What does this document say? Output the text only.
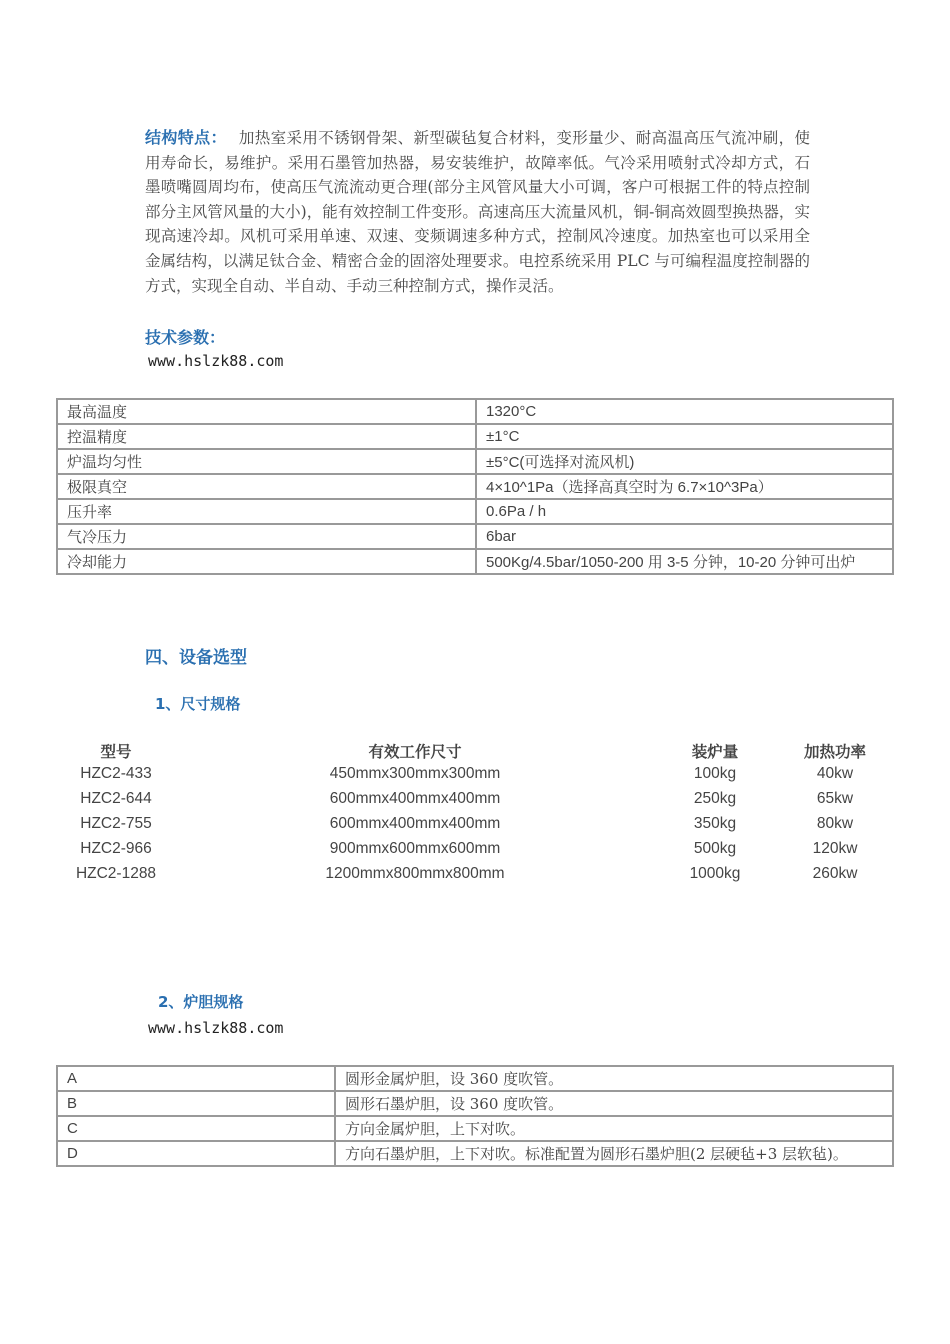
结构特点： 加热室采用不锈钢骨架、新型碳毡复合材料，变形量少、耐高温高压气流冲刷，使用寿命长，易维护。采用石墨管加热器，易安装维护，故障率低。气冷采用喷射式冷却方式，石墨喷嘴圆周均布，使高压气流流动更合理(部分主风管风量大小可调，客户可根据工件的特点控制部分主风管风量的大小)，能有效控制工件变形。高速高压大流量风机，铜-铜高效圆型换热器，实现高速冷却。风机可采用单速、双速、变频调速多种方式，控制风冷速度。加热室也可以采用全金属结构，以满足钛合金、精密合金的固溶处理要求。电控系统采用 PLC 与可编程温度控制器的方式，实现全自动、半自动、手动三种控制方式，操作灵活。
技术参数：
www.hslzk88.com
最高温度	1320°C
控温精度	±1°C
炉温均匀性	±5°C(可选择对流风机)
极限真空	4×10^1Pa（选择高真空时为 6.7×10^3Pa）
压升率	0.6Pa / h
气冷压力	6bar
冷却能力	500Kg/4.5bar/1050-200 用 3-5 分钟，10-20 分钟可出炉
四、设备选型
1、尺寸规格
型号	有效工作尺寸	装炉量	加热功率
HZC2-433	450mmx300mmx300mm	100kg	40kw
HZC2-644	600mmx400mmx400mm	250kg	65kw
HZC2-755	600mmx400mmx400mm	350kg	80kw
HZC2-966	900mmx600mmx600mm	500kg	120kw
HZC2-1288	1200mmx800mmx800mm	1000kg	260kw
2、炉胆规格
www.hslzk88.com
A	圆形金属炉胆，设 360 度吹管。
B	圆形石墨炉胆，设 360 度吹管。
C	方向金属炉胆，上下对吹。
D	方向石墨炉胆，上下对吹。标准配置为圆形石墨炉胆(2 层硬毡+3 层软毡)。
